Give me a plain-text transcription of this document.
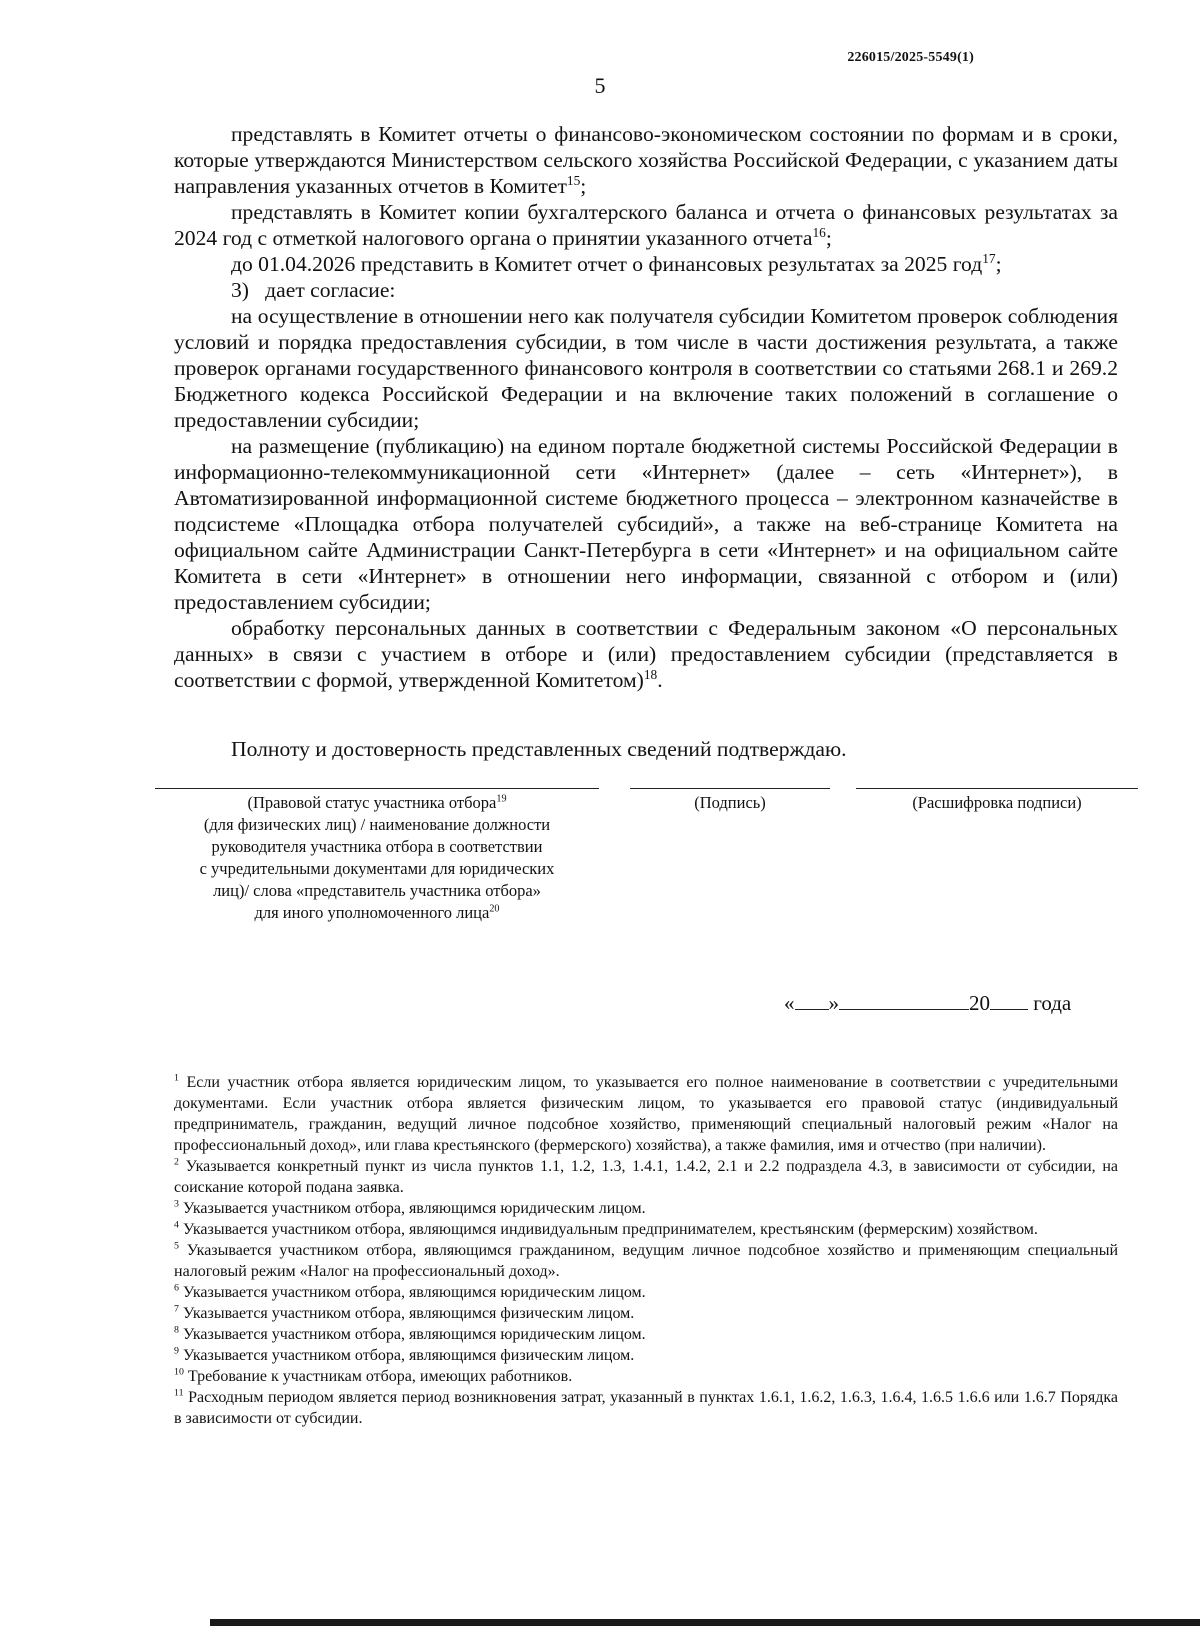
226015/2025-5549(1)
5

представлять в Комитет отчеты о финансово-экономическом состоянии по формам и в сроки, которые утверждаются Министерством сельского хозяйства Российской Федерации, с указанием даты направления указанных отчетов в Комитет$^{15}$;

представлять в Комитет копии бухгалтерского баланса и отчета о финансовых результатах за 2024 год с отметкой налогового органа о принятии указанного отчета$^{16}$;

до 01.04.2026 представить в Комитет отчет о финансовых результатах за 2025 год$^{17}$;

3)   дает согласие:

на осуществление в отношении него как получателя субсидии Комитетом проверок соблюдения условий и порядка предоставления субсидии, в том числе в части достижения результата, а также проверок органами государственного финансового контроля в соответствии со статьями 268.1 и 269.2 Бюджетного кодекса Российской Федерации и на включение таких положений в соглашение о предоставлении субсидии;

на размещение (публикацию) на едином портале бюджетной системы Российской Федерации в информационно-телекоммуникационной сети «Интернет» (далее – сеть «Интернет»), в Автоматизированной информационной системе бюджетного процесса – электронном казначействе в подсистеме «Площадка отбора получателей субсидий», а также на веб-странице Комитета на официальном сайте Администрации Санкт-Петербурга в сети «Интернет» и на официальном сайте Комитета в сети «Интернет» в отношении него информации, связанной с отбором и (или) предоставлением субсидии;

обработку персональных данных в соответствии с Федеральным законом «О персональных данных» в связи с участием в отборе и (или) предоставлением субсидии (представляется в соответствии с формой, утвержденной Комитетом)$^{18}$.

Полноту и достоверность представленных сведений подтверждаю.
(Правовой статус участника отбора$^{19}$
(для физических лиц) / наименование должности
руководителя участника отбора в соответствии
с учредительными документами для юридических
лиц)/ слова «представитель участника отбора»
для иного уполномоченного лица$^{20}$
(Подпись)	(Расшифровка подписи)
« »	20 года

$^1$ Если участник отбора является юридическим лицом, то указывается его полное наименование в соответствии с учредительными документами. Если участник отбора является физическим лицом, то указывается его правовой статус (индивидуальный предприниматель, гражданин, ведущий личное подсобное хозяйство, применяющий специальный налоговый режим «Налог на профессиональный доход», или глава крестьянского (фермерского) хозяйства), а также фамилия, имя и отчество (при наличии).

$^2$ Указывается конкретный пункт из числа пунктов 1.1, 1.2, 1.3, 1.4.1, 1.4.2, 2.1 и 2.2 подраздела 4.3, в зависимости от субсидии, на соискание которой подана заявка.

$^3$ Указывается участником отбора, являющимся юридическим лицом.

$^4$ Указывается участником отбора, являющимся индивидуальным предпринимателем, крестьянским (фермерским) хозяйством.

$^5$ Указывается участником отбора, являющимся гражданином, ведущим личное подсобное хозяйство и применяющим специальный налоговый режим «Налог на профессиональный доход».

$^6$ Указывается участником отбора, являющимся юридическим лицом.

$^7$ Указывается участником отбора, являющимся физическим лицом.

$^8$ Указывается участником отбора, являющимся юридическим лицом.

$^9$ Указывается участником отбора, являющимся физическим лицом.

$^{10}$ Требование к участникам отбора, имеющих работников.

$^{11}$ Расходным периодом является период возникновения затрат, указанный в пунктах 1.6.1, 1.6.2, 1.6.3, 1.6.4, 1.6.5 1.6.6 или 1.6.7 Порядка в зависимости от субсидии.
